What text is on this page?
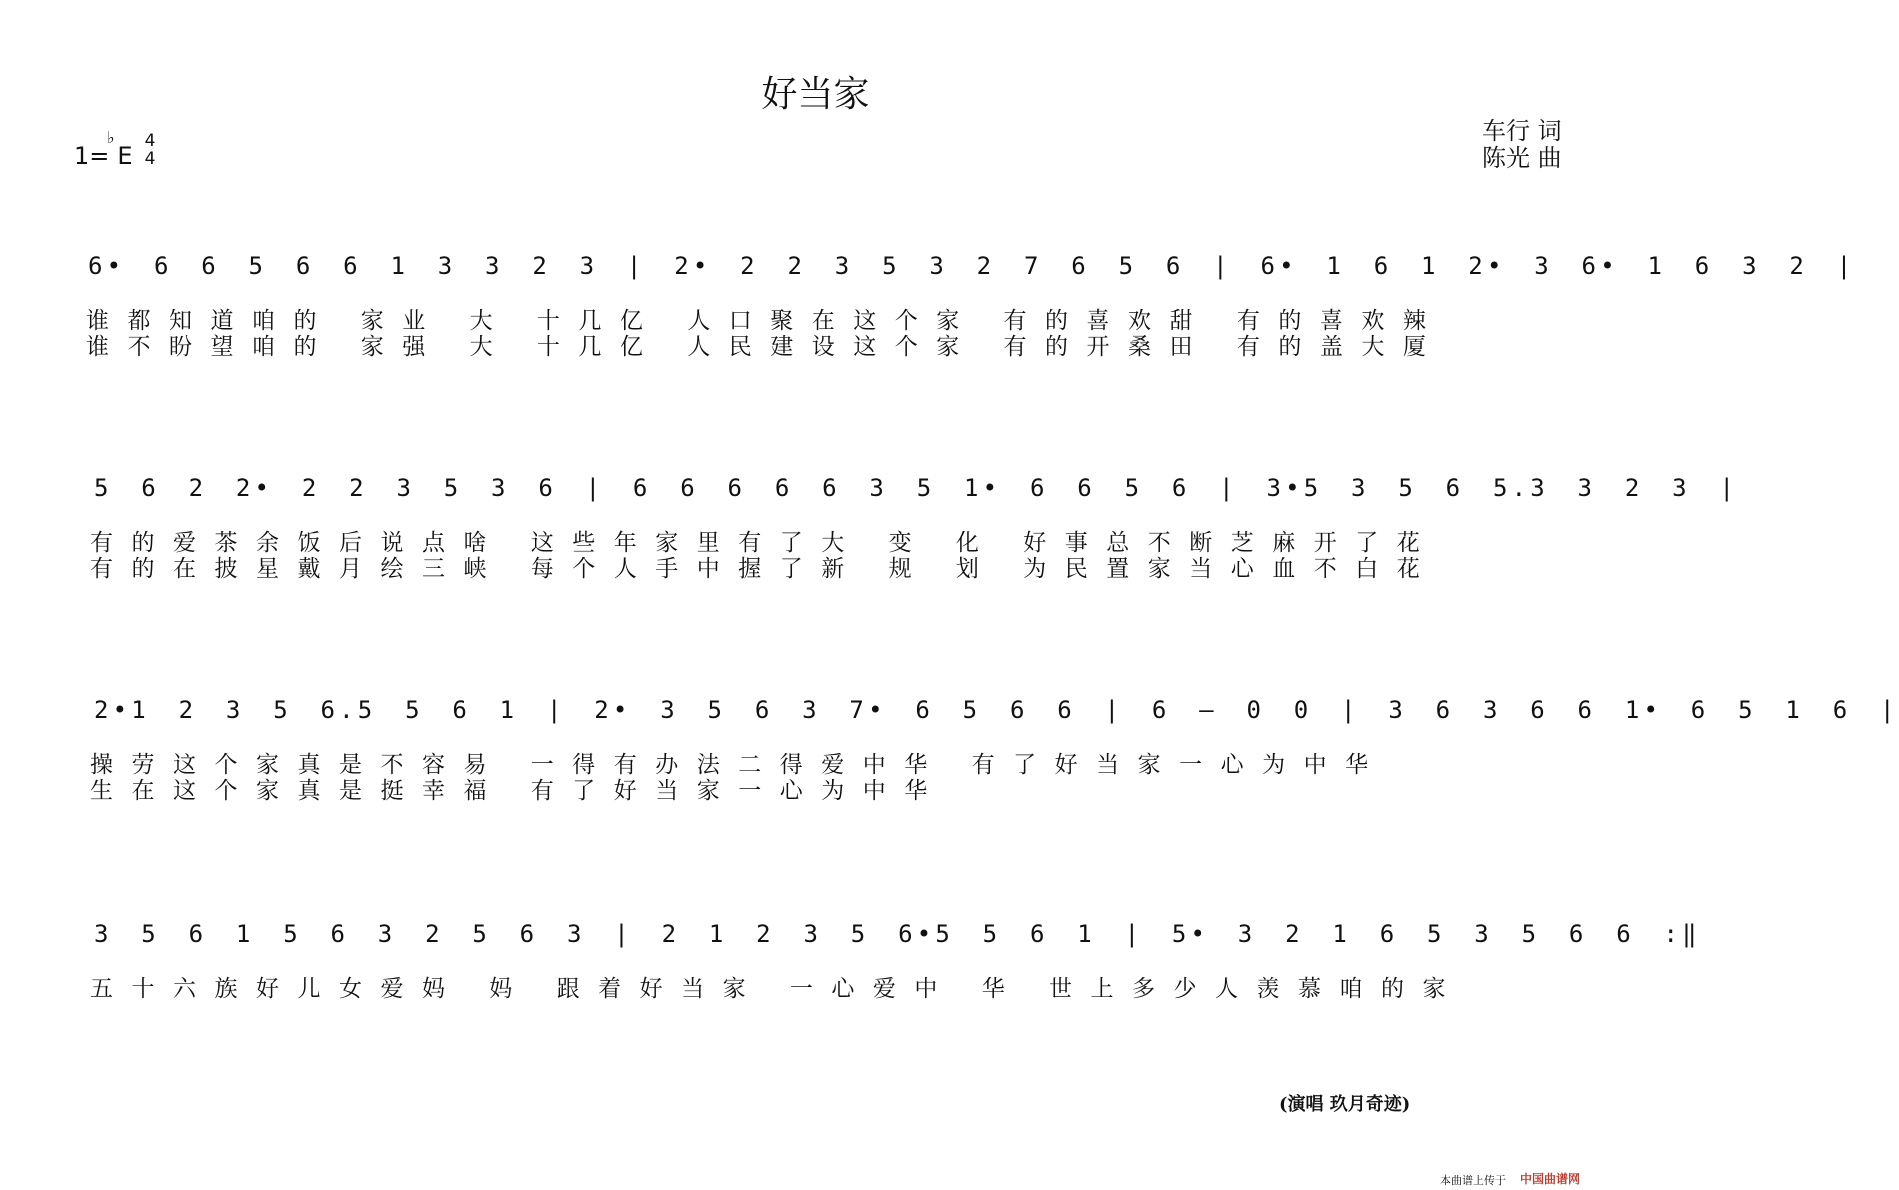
好当家
1=
♭
E
4
4
车行 词
陈光 曲
6• 6 6 5 6 6 1 3 3 2 3 | 2• 2 2 3 5 3 2 7 6 5 6 | 6• 1 6 1 2• 3 6• 1 6 3 2 |
谁都知道咱的 家业 大 十几亿 人口聚在这个家 有的喜欢甜 有的喜欢辣
谁不盼望咱的 家强 大 十几亿 人民建设这个家 有的开桑田 有的盖大厦
5 6 2 2• 2 2 3 5 3 6 | 6 6 6 6 6 3 5 1• 6 6 5 6 | 3•5 3 5 6 5.3 3 2 3 |
有的爱茶余饭后说点啥 这些年家里有了大 变 化 好事总不断芝麻开了花
有的在披星戴月绘三峡 每个人手中握了新 规 划 为民置家当心血不白花
2•1 2 3 5 6.5 5 6 1 | 2• 3 5 6 3 7• 6 5 6 6 | 6 – 0 0 | 3 6 3 6 6 1• 6 5 1 6 |
操劳这个家真是不容易 一得有办法二得爱中华 有了好当家一心为中华
生在这个家真是挺幸福 有了好当家一心为中华
3 5 6 1 5 6 3 2 5 6 3 | 2 1 2 3 5 6•5 5 6 1 | 5• 3 2 1 6 5 3 5 6 6 :‖
五十六族好儿女爱妈 妈 跟着好当家 一心爱中 华 世上多少人羡慕咱的家
(演唱 玖月奇迹)
本曲谱上传于 中国曲谱网
